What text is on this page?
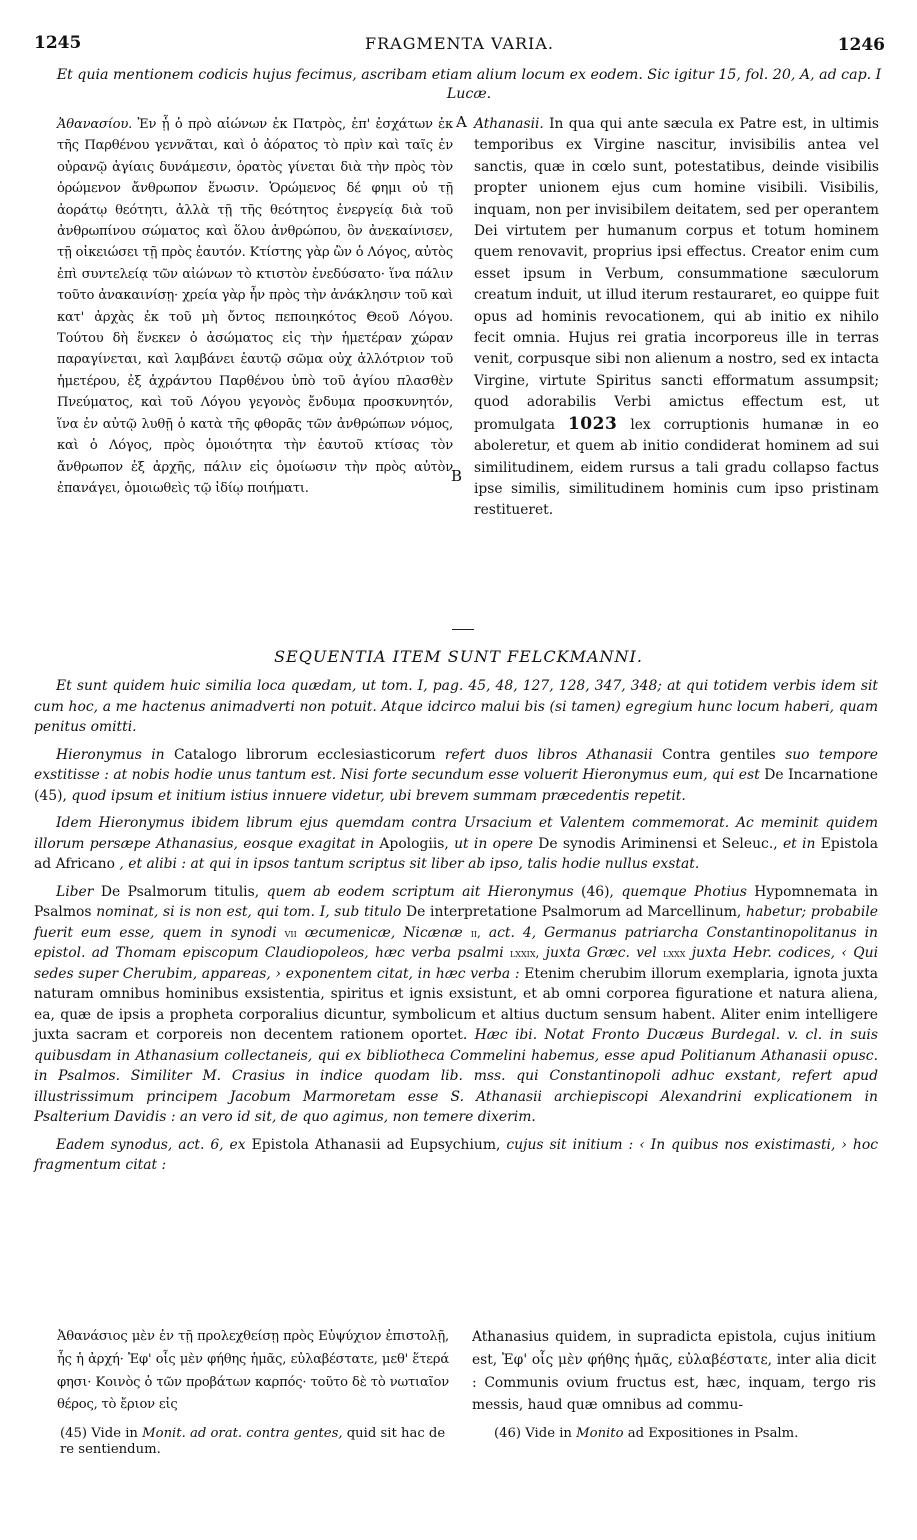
1245	FRAGMENTA VARIA.	1246
Et quia mentionem codicis hujus fecimus, ascribam etiam alium locum ex eodem. Sic igitur 15, fol. 20, A, ad cap. I Lucæ.
Ἀθανασίου. Ἐν ᾗ ὁ πρὸ αἰώνων ἐκ Πατρὸς, ἐπ' ἐσχάτων ἐκ τῆς Παρθένου γεννᾶται, καὶ ὁ ἀόρατος τὸ πρὶν καὶ ταῖς ἐν οὐρανῷ ἁγίαις δυνάμεσιν, ὁρατὸς γίνεται διὰ τὴν πρὸς τὸν ὁρώμενον ἄνθρωπον ἕνωσιν. Ὁρώμενος δέ φημι οὐ τῇ ἀοράτῳ θεότητι, ἀλλὰ τῇ τῆς θεότητος ἐνεργείᾳ διὰ τοῦ ἀνθρωπίνου σώματος καὶ ὅλου ἀνθρώπου, ὃν ἀνεκαίνισεν, τῇ οἰκειώσει τῇ πρὸς ἑαυτόν. Κτίστης γὰρ ὢν ὁ Λόγος, αὐτὸς ἐπὶ συντελείᾳ τῶν αἰώνων τὸ κτιστὸν ἐνεδύσατο· ἵνα πάλιν τοῦτο ἀνακαινίσῃ· χρεία γὰρ ἦν πρὸς τὴν ἀνάκλησιν τοῦ καὶ κατ' ἀρχὰς ἐκ τοῦ μὴ ὄντος πεποιηκότος Θεοῦ Λόγου. Τούτου δὴ ἕνεκεν ὁ ἀσώματος εἰς τὴν ἡμετέραν χώραν παραγίνεται, καὶ λαμβάνει ἑαυτῷ σῶμα οὐχ ἀλλότριον τοῦ ἡμετέρου, ἐξ ἀχράντου Παρθένου ὑπὸ τοῦ ἁγίου πλασθὲν Πνεύματος, καὶ τοῦ Λόγου γεγονὸς ἔνδυμα προσκυνητόν, ἵνα ἐν αὐτῷ λυθῇ ὁ κατὰ τῆς φθορᾶς τῶν ἀνθρώπων νόμος, καὶ ὁ Λόγος, πρὸς ὁμοιότητα τὴν ἑαυτοῦ κτίσας τὸν ἄνθρωπον ἐξ ἀρχῆς, πάλιν εἰς ὁμοίωσιν τὴν πρὸς αὐτὸν ἐπανάγει, ὁμοιωθεὶς τῷ ἰδίῳ ποιήματι.
A
B
Athanasii. In qua qui ante sæcula ex Patre est, in ultimis temporibus ex Virgine nascitur, invisibilis antea vel sanctis, quæ in cœlo sunt, potestatibus, deinde visibilis propter unionem ejus cum homine visibili. Visibilis, inquam, non per invisibilem deitatem, sed per operantem Dei virtutem per humanum corpus et totum hominem quem renovavit, proprius ipsi effectus. Creator enim cum esset ipsum in Verbum, consummatione sæculorum creatum induit, ut illud iterum restauraret, eo quippe fuit opus ad hominis revocationem, qui ab initio ex nihilo fecit omnia. Hujus rei gratia incorporeus ille in terras venit, corpusque sibi non alienum a nostro, sed ex intacta Virgine, virtute Spiritus sancti efformatum assumpsit; quod adorabilis Verbi amictus effectum est, ut promulgata 1023 lex corruptionis humanæ in eo aboleretur, et quem ab initio condiderat hominem ad sui similitudinem, eidem rursus a tali gradu collapso factus ipse similis, similitudinem hominis cum ipso pristinam restitueret.
SEQUENTIA ITEM SUNT FELCKMANNI.

Et sunt quidem huic similia loca quædam, ut tom. I, pag. 45, 48, 127, 128, 347, 348; at qui totidem verbis idem sit cum hoc, a me hactenus animadverti non potuit. Atque idcirco malui bis (si tamen) egregium hunc locum haberi, quam penitus omitti.

Hieronymus in Catalogo librorum ecclesiasticorum refert duos libros Athanasii Contra gentiles suo tempore exstitisse : at nobis hodie unus tantum est. Nisi forte secundum esse voluerit Hieronymus eum, qui est De Incarnatione (45), quod ipsum et initium istius innuere videtur, ubi brevem summam præcedentis repetit.

Idem Hieronymus ibidem librum ejus quemdam contra Ursacium et Valentem commemorat. Ac meminit quidem illorum persæpe Athanasius, eosque exagitat in Apologiis, ut in opere De synodis Ariminensi et Seleuc., et in Epistola ad Africano , et alibi : at qui in ipsos tantum scriptus sit liber ab ipso, talis hodie nullus exstat.

Liber De Psalmorum titulis, quem ab eodem scriptum ait Hieronymus (46), quemque Photius Hypomnemata in Psalmos nominat, si is non est, qui tom. I, sub titulo De interpretatione Psalmorum ad Marcellinum, habetur; probabile fuerit eum esse, quem in synodi vii œcumenicæ, Nicænæ ii, act. 4, Germanus patriarcha Constantinopolitanus in epistol. ad Thomam episcopum Claudiopoleos, hæc verba psalmi lxxix, juxta Græc. vel lxxx juxta Hebr. codices, ‹ Qui sedes super Cherubim, appareas, › exponentem citat, in hæc verba : Etenim cherubim illorum exemplaria, ignota juxta naturam omnibus hominibus exsistentia, spiritus et ignis exsistunt, et ab omni corporea figuratione et natura aliena, ea, quæ de ipsis a propheta corporalius dicuntur, symbolicum et altius ductum sensum habent. Aliter enim intelligere juxta sacram et corporeis non decentem rationem oportet. Hæc ibi. Notat Fronto Ducæus Burdegal. v. cl. in suis quibusdam in Athanasium collectaneis, qui ex bibliotheca Commelini habemus, esse apud Politianum Athanasii opusc. in Psalmos. Similiter M. Crasius in indice quodam lib. mss. qui Constantinopoli adhuc exstant, refert apud illustrissimum principem Jacobum Marmoretam esse S. Athanasii archiepiscopi Alexandrini explicationem in Psalterium Davidis : an vero id sit, de quo agimus, non temere dixerim.

Eadem synodus, act. 6, ex Epistola Athanasii ad Eupsychium, cujus sit initium : ‹ In quibus nos existimasti, › hoc fragmentum citat :

Ἀθανάσιος μὲν ἐν τῇ προλεχθείσῃ πρὸς Εὐψύχιον ἐπιστολῇ, ἧς ἡ ἀρχή· Ἐφ' οἷς μὲν φήθης ἡμᾶς, εὐλαβέστατε, μεθ' ἕτερά φησι· Κοινὸς ὁ τῶν προβάτων καρπός· τοῦτο δὲ τὸ νωτιαῖον θέρος, τὸ ἔριον εἰς
Athanasius quidem, in supradicta epistola, cujus initium est, Ἐφ' οἷς μὲν φήθης ἡμᾶς, εὐλαβέστατε, inter alia dicit : Communis ovium fructus est, hæc, inquam, tergo ris messis, haud quæ omnibus ad commu-
(45) Vide in Monit. ad orat. contra gentes, quid sit hac de re sentiendum.
(46) Vide in Monito ad Expositiones in Psalm.
